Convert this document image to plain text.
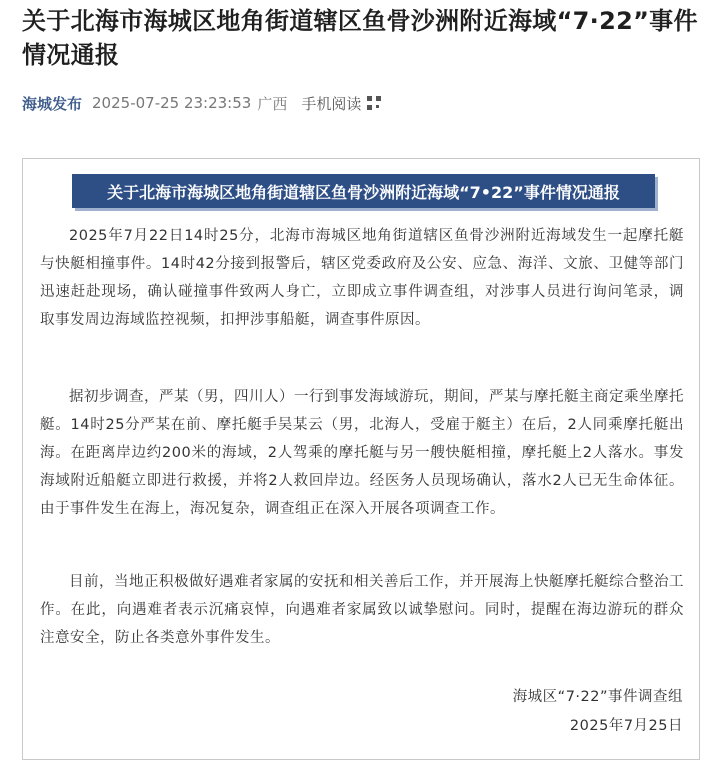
关于北海市海城区地角街道辖区鱼骨沙洲附近海域“7·22”事件情况通报
海城发布 2025-07-25 23:23:53 广西 手机阅读
关于北海市海城区地角街道辖区鱼骨沙洲附近海域“7•22”事件情况通报

2025年7月22日14时25分，北海市海城区地角街道辖区鱼骨沙洲附近海域发生一起摩托艇与快艇相撞事件。14时42分接到报警后，辖区党委政府及公安、应急、海洋、文旅、卫健等部门迅速赶赴现场，确认碰撞事件致两人身亡，立即成立事件调查组，对涉事人员进行询问笔录，调取事发周边海域监控视频，扣押涉事船艇，调查事件原因。

据初步调查，严某（男，四川人）一行到事发海域游玩，期间，严某与摩托艇主商定乘坐摩托艇。14时25分严某在前、摩托艇手吴某云（男，北海人，受雇于艇主）在后，2人同乘摩托艇出海。在距离岸边约200米的海域，2人驾乘的摩托艇与另一艘快艇相撞，摩托艇上2人落水。事发海域附近船艇立即进行救援，并将2人救回岸边。经医务人员现场确认，落水2人已无生命体征。由于事件发生在海上，海况复杂，调查组正在深入开展各项调查工作。

目前，当地正积极做好遇难者家属的安抚和相关善后工作，并开展海上快艇摩托艇综合整治工作。在此，向遇难者表示沉痛哀悼，向遇难者家属致以诚挚慰问。同时，提醒在海边游玩的群众注意安全，防止各类意外事件发生。

海城区“7·22”事件调查组
2025年7月25日
